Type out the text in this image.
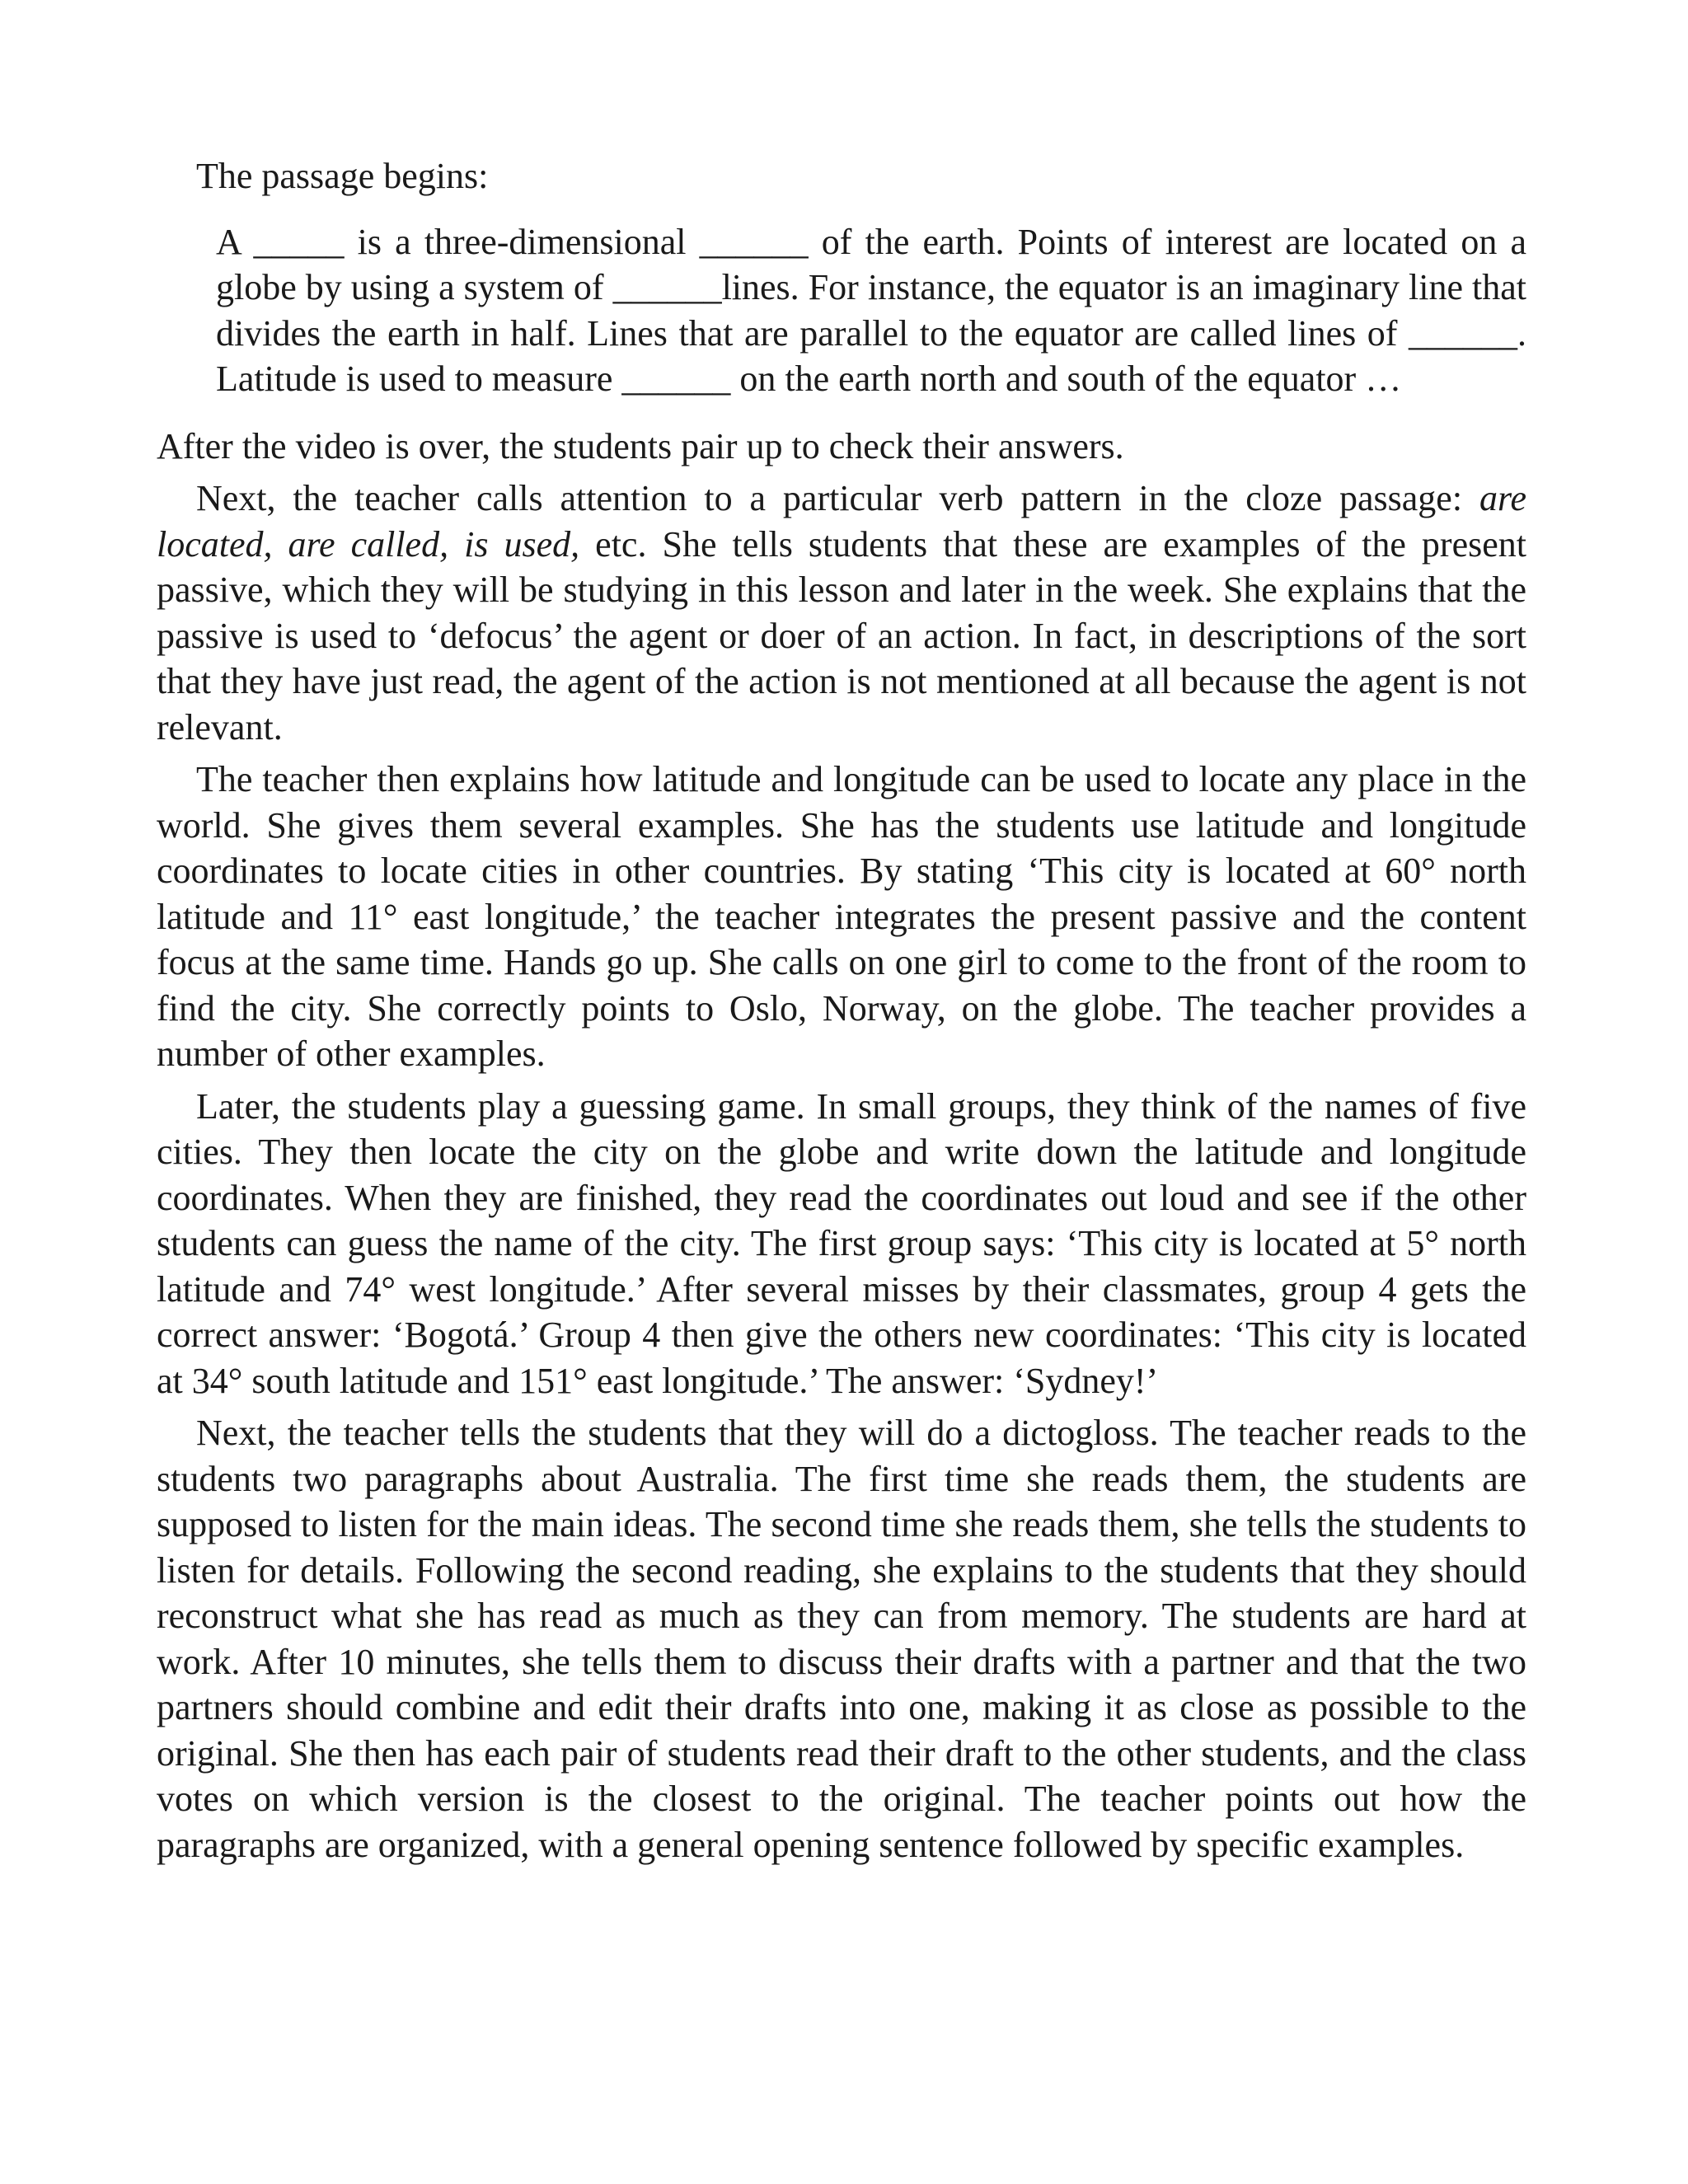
The passage begins:

A _____ is a three-dimensional ______ of the earth. Points of interest are located on a globe by using a system of ______lines. For instance, the equator is an imaginary line that divides the earth in half. Lines that are parallel to the equator are called lines of ______. Latitude is used to measure ______ on the earth north and south of the equator …

After the video is over, the students pair up to check their answers.

Next, the teacher calls attention to a particular verb pattern in the cloze passage: are located, are called, is used, etc. She tells students that these are examples of the present passive, which they will be studying in this lesson and later in the week. She explains that the passive is used to ‘defocus’ the agent or doer of an action. In fact, in descriptions of the sort that they have just read, the agent of the action is not mentioned at all because the agent is not relevant.

The teacher then explains how latitude and longitude can be used to locate any place in the world. She gives them several examples. She has the students use latitude and longitude coordinates to locate cities in other countries. By stating ‘This city is located at 60° north latitude and 11° east longitude,’ the teacher integrates the present passive and the content focus at the same time. Hands go up. She calls on one girl to come to the front of the room to find the city. She correctly points to Oslo, Norway, on the globe. The teacher provides a number of other examples.

Later, the students play a guessing game. In small groups, they think of the names of five cities. They then locate the city on the globe and write down the latitude and longitude coordinates. When they are finished, they read the coordinates out loud and see if the other students can guess the name of the city. The first group says: ‘This city is located at 5° north latitude and 74° west longitude.’ After several misses by their classmates, group 4 gets the correct answer: ‘Bogotá.’ Group 4 then give the others new coordinates: ‘This city is located at 34° south latitude and 151° east longitude.’ The answer: ‘Sydney!’

Next, the teacher tells the students that they will do a dictogloss. The teacher reads to the students two paragraphs about Australia. The first time she reads them, the students are supposed to listen for the main ideas. The second time she reads them, she tells the students to listen for details. Following the second reading, she explains to the students that they should reconstruct what she has read as much as they can from memory. The students are hard at work. After 10 minutes, she tells them to discuss their drafts with a partner and that the two partners should combine and edit their drafts into one, making it as close as possible to the original. She then has each pair of students read their draft to the other students, and the class votes on which version is the closest to the original. The teacher points out how the paragraphs are organized, with a general opening sentence followed by specific examples.
